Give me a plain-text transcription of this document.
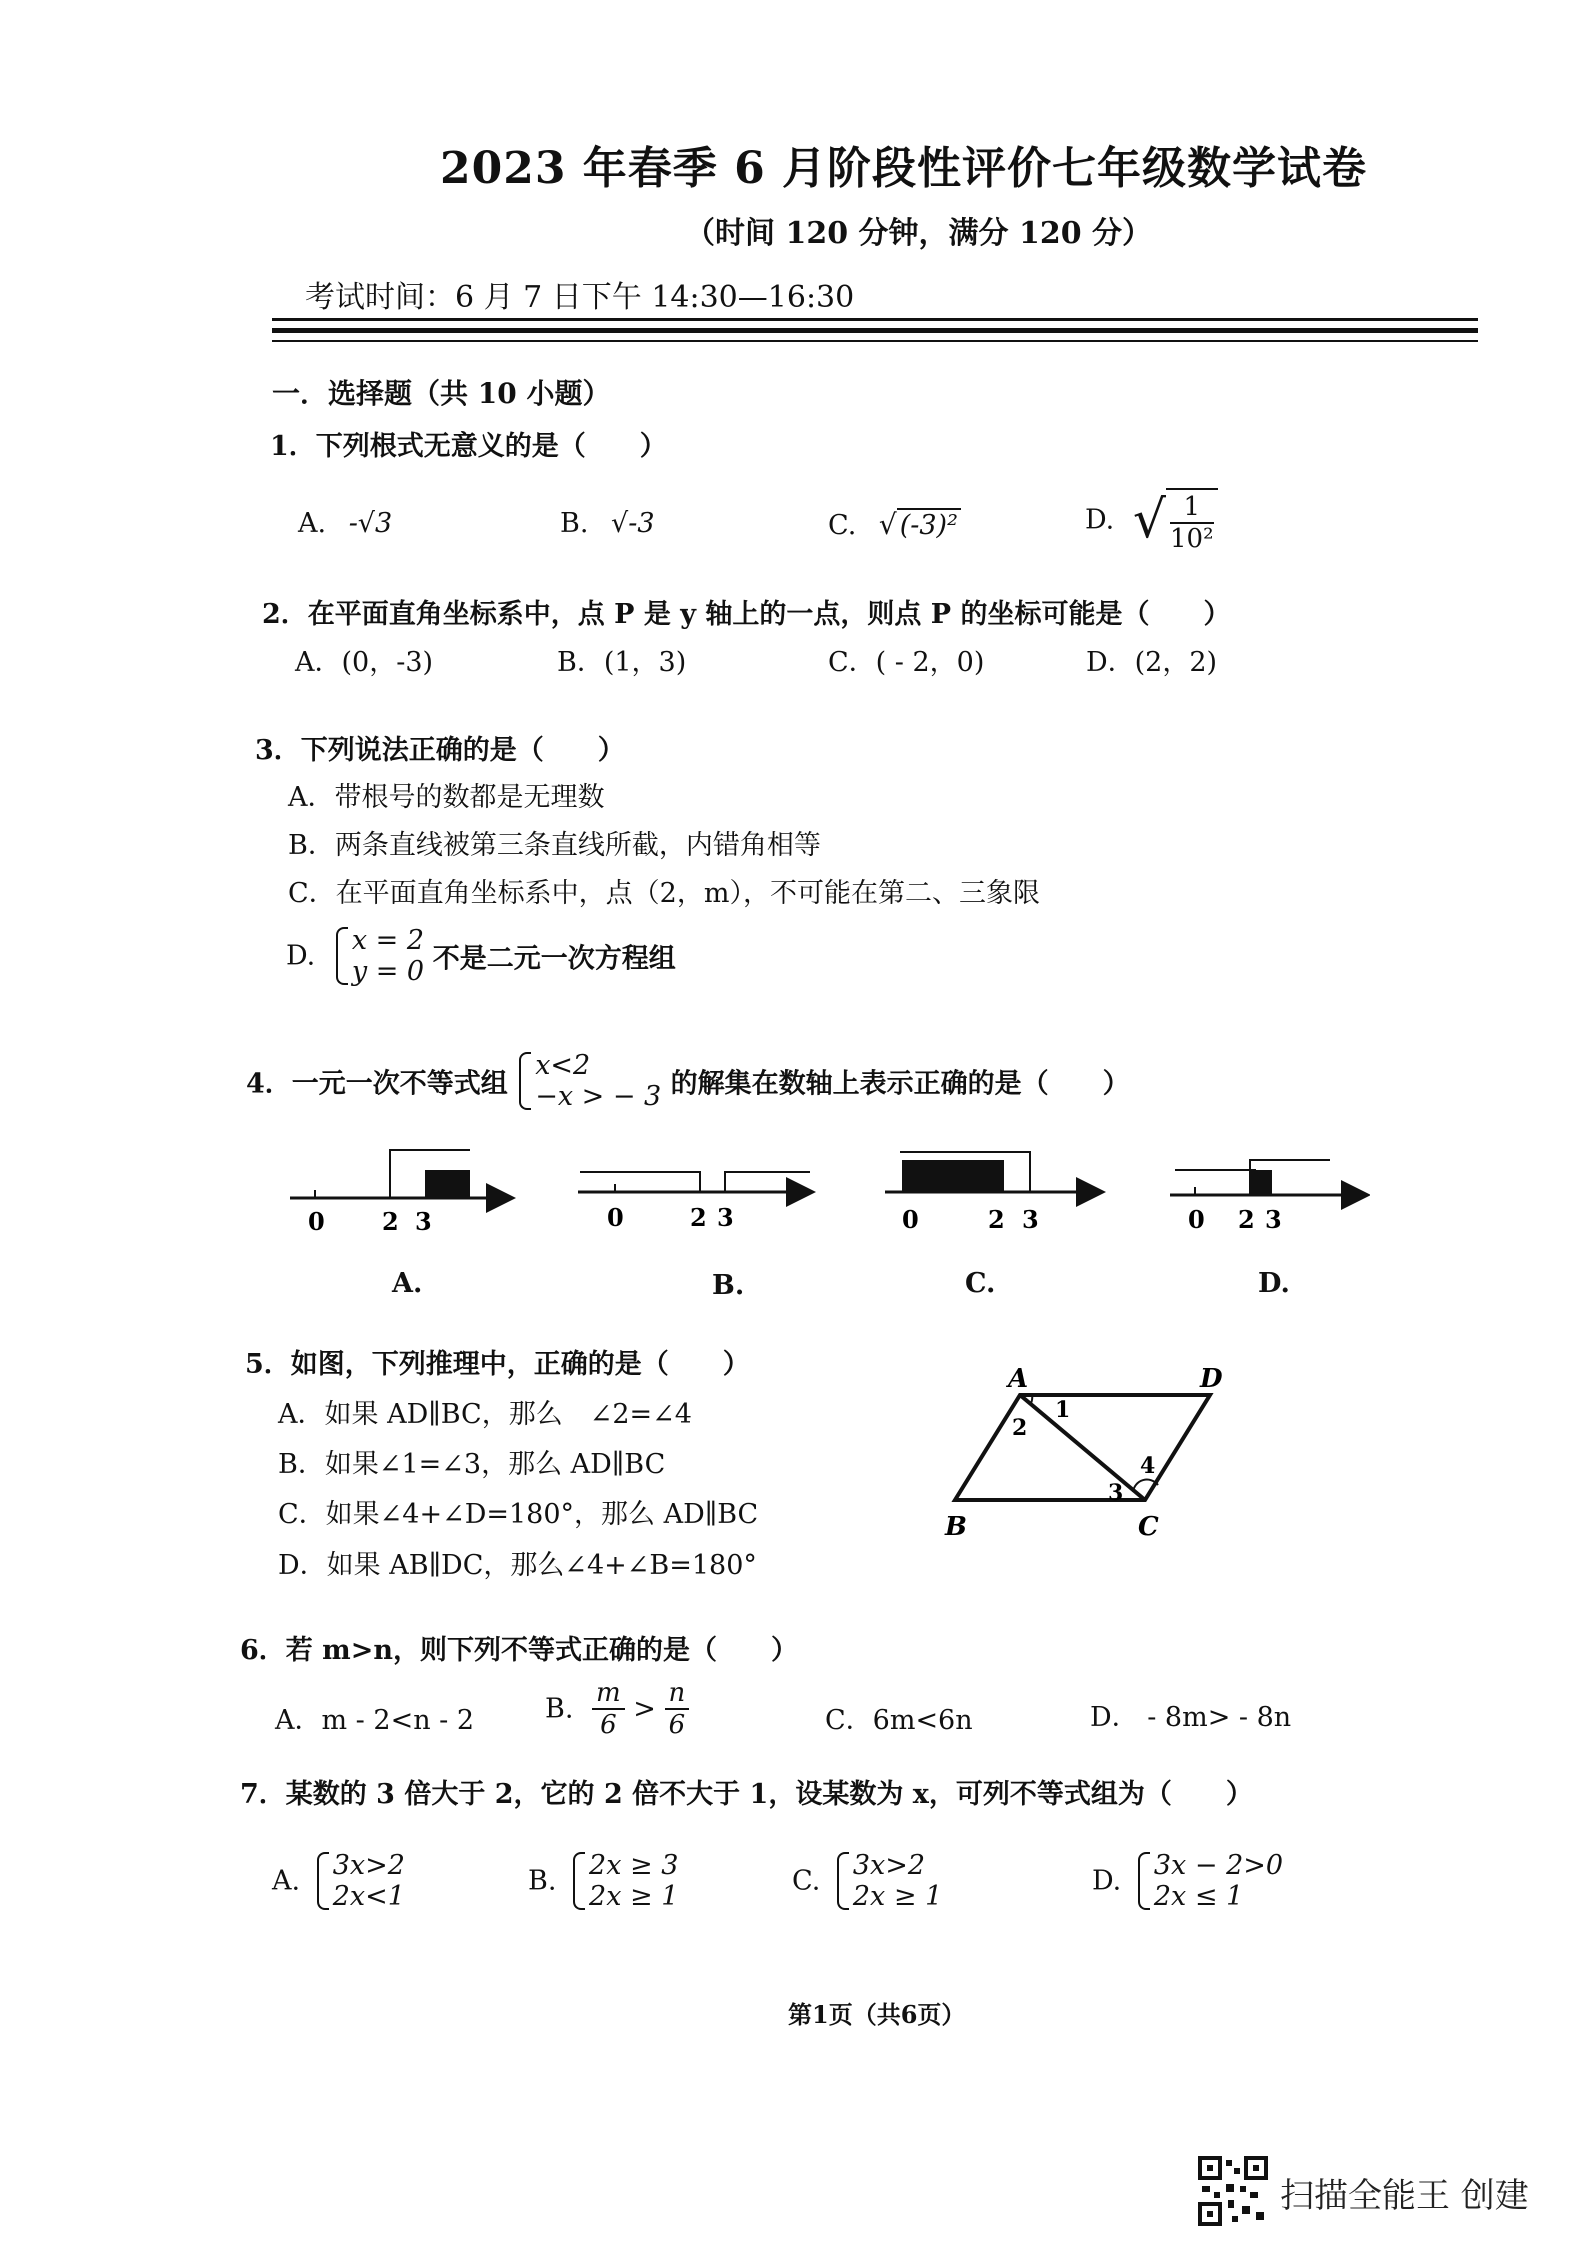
2023 年春季 6 月阶段性评价七年级数学试卷
（时间 120 分钟，满分 120 分）
考试时间：6 月 7 日下午 14:30—16:30
一．选择题（共 10 小题）
1．下列根式无意义的是（　　）
A. -√3	B. √-3	C. √ (-3)²	D. √ $\frac{1}{\text{10²}}$
2．在平面直角坐标系中，点 P 是 y 轴上的一点，则点 P 的坐标可能是（　　）
A．(0，-3)	B．(1，3)	C．( - 2，0)	D．(2，2)
3．下列说法正确的是（　　）
A．带根号的数都是无理数
B．两条直线被第三条直线所截，内错角相等
C．在平面直角坐标系中，点（2，m），不可能在第二、三象限
D.
x = 2
y = 0 不是二元一次方程组
4．一元一次不等式组
x<2
−x > − 3 的解集在数轴上表示正确的是（　　）
0 2 3	0	2 3	0	2 3	0 2 3
A.	B.	C.	D.
5．如图，下列推理中，正确的是（　　）
A．如果 AD∥BC，那么　∠2=∠4
B．如果∠1=∠3，那么 AD∥BC
C．如果∠4+∠D=180°，那么 AD∥BC
D．如果 AB∥DC，那么∠4+∠B=180°
A	D
B	C
1
2
3
4
6．若 m>n，则下列不等式正确的是（　　）
A．m - 2<n - 2	B. $\frac{m}{6} > \frac{n}{6}$	C．6m<6n	D． - 8m> - 8n
7．某数的 3 倍大于 2，它的 2 倍不大于 1，设某数为 x，可列不等式组为（　　）
A.
3x>2
2x<1	B.
2x ≥ 3
2x ≥ 1	C.
3x>2
2x ≥ 1	D.
3x − 2>0
2x ≤ 1
第1页（共6页）
扫描全能王 创建
